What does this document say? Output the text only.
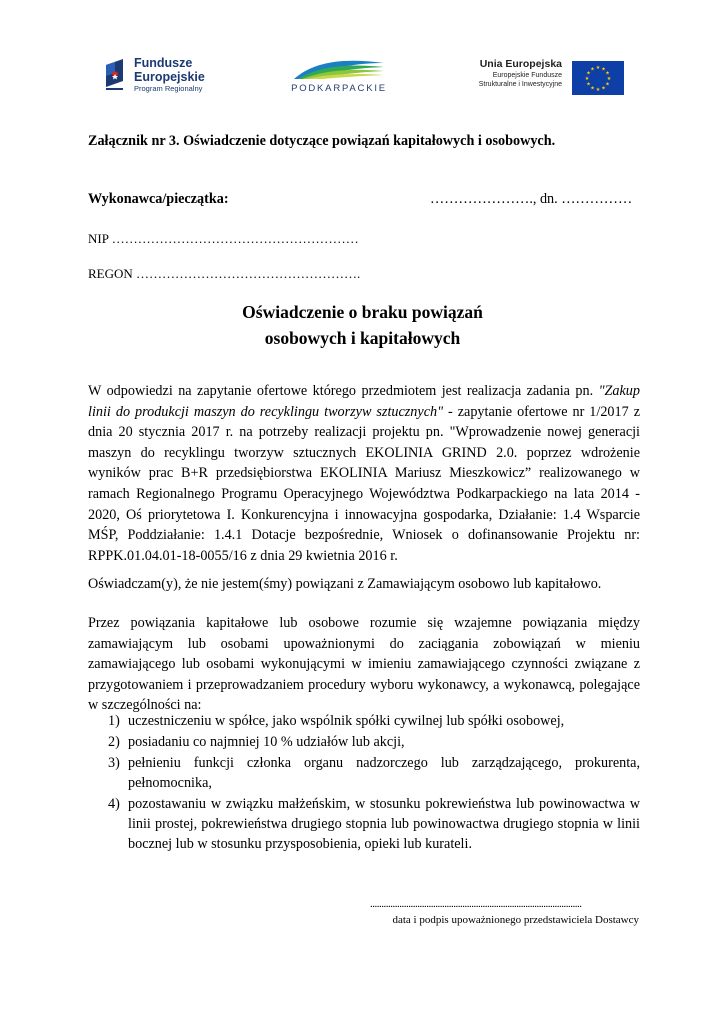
Fundusze
Europejskie
Program Regionalny	PODKARPACKIE
Unia Europejska
Europejskie Fundusze
Strukturalne i Inwestycyjne
★ ★
★
★
★
★
★
★
★
★
★
★
Załącznik nr 3. Oświadczenie dotyczące powiązań kapitałowych i osobowych.
Wykonawca/pieczątka:	…………………., dn. ……………
NIP …………………………………………………
REGON …………………………………………….
Oświadczenie o braku powiązań
osobowych i kapitałowych

W odpowiedzi na zapytanie ofertowe którego przedmiotem jest realizacja zadania pn. "Zakup linii do produkcji maszyn do recyklingu tworzyw sztucznych" - zapytanie ofertowe nr 1/2017 z dnia 20 stycznia 2017 r. na potrzeby realizacji projektu pn. "Wprowadzenie nowej generacji maszyn do recyklingu tworzyw sztucznych EKOLINIA GRIND 2.0. poprzez wdrożenie wyników prac B+R przedsiębiorstwa EKOLINIA Mariusz Mieszkowicz” realizowanego w ramach Regionalnego Programu Operacyjnego Województwa Podkarpackiego na lata 2014 - 2020, Oś priorytetowa I. Konkurencyjna i innowacyjna gospodarka, Działanie: 1.4 Wsparcie MŚP, Poddziałanie: 1.4.1 Dotacje bezpośrednie, Wniosek o dofinansowanie Projektu nr: RPPK.01.04.01-18-0055/16 z dnia 29 kwietnia 2016 r.

Oświadczam(y), że nie jestem(śmy) powiązani z Zamawiającym osobowo lub kapitałowo.
Przez powiązania kapitałowe lub osobowe rozumie się wzajemne powiązania między zamawiającym lub osobami upoważnionymi do zaciągania zobowiązań w mieniu zamawiającego lub osobami wykonującymi w imieniu zamawiającego czynności związane z przygotowaniem i przeprowadzaniem procedury wyboru wykonawcy, a wykonawcą, polegające w szczególności na:
1) uczestniczeniu w spółce, jako wspólnik spółki cywilnej lub spółki osobowej,
2) posiadaniu co najmniej 10 % udziałów lub akcji,
3) pełnieniu funkcji członka organu nadzorczego lub zarządzającego, prokurenta, pełnomocnika,
4) pozostawaniu w związku małżeńskim, w stosunku pokrewieństwa lub powinowactwa w linii prostej, pokrewieństwa drugiego stopnia lub powinowactwa drugiego stopnia w linii bocznej lub w stosunku przysposobienia, opieki lub kurateli.
..............................................................................................
data i podpis upoważnionego przedstawiciela Dostawcy
